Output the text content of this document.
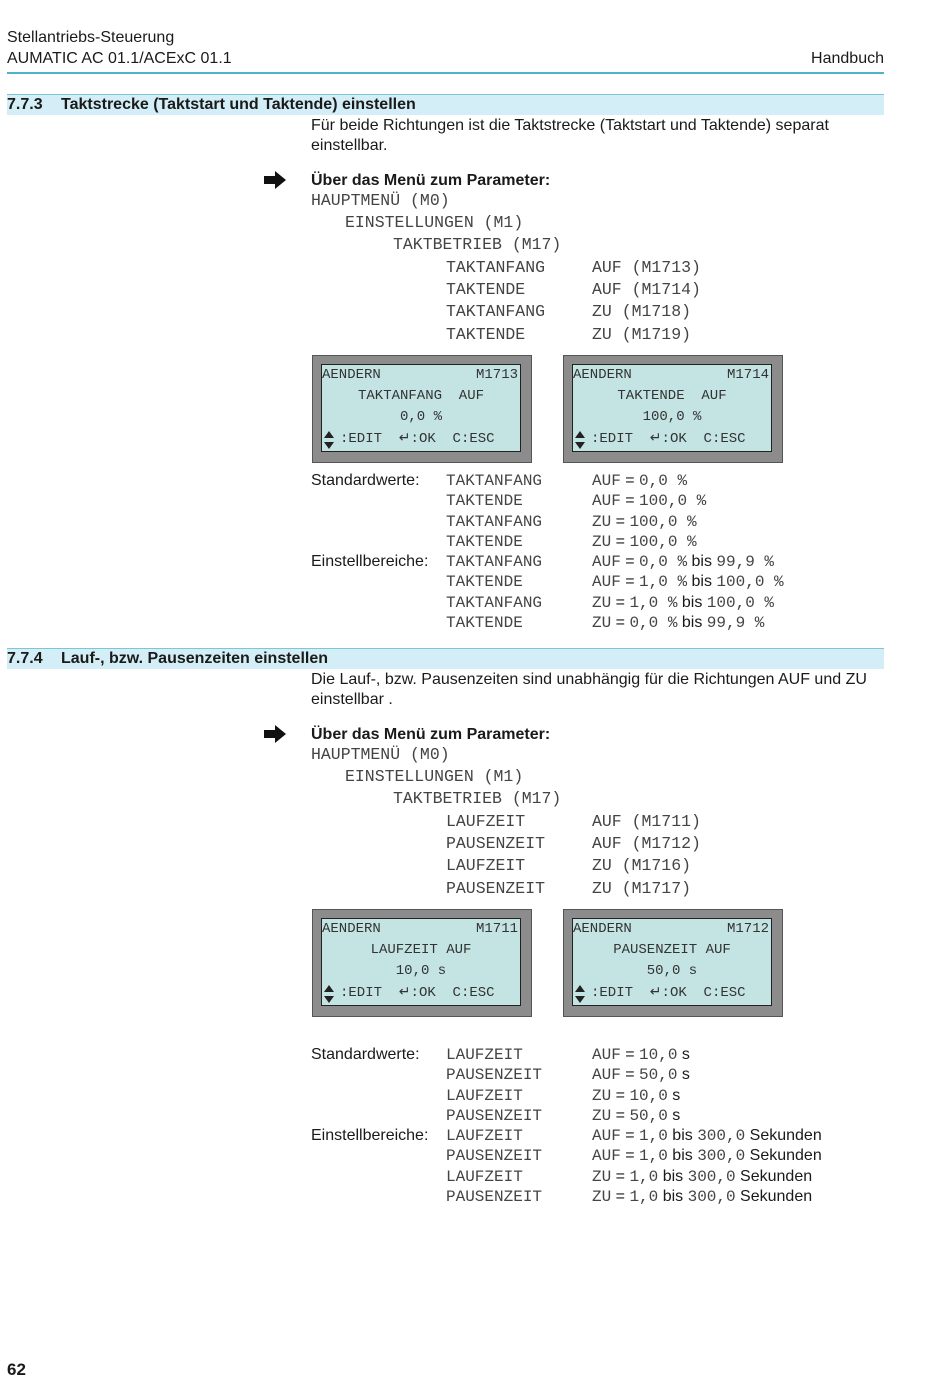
Stellantriebs-Steuerung
AUMATIC AC 01.1/ACExC 01.1	Handbuch
7.7.3 Taktstrecke (Taktstart und Taktende) einstellen
Für beide Richtungen ist die Taktstrecke (Taktstart und Taktende) separat einstellbar.
Über das Menü zum Parameter:
HAUPTMENÜ (M0)
EINSTELLUNGEN (M1)
TAKTBETRIEB (M17)
TAKTANFANG	AUF (M1713)
TAKTENDE	AUF (M1714)
TAKTANFANG	ZU (M1718)
TAKTENDE	ZU (M1719)
AENDERN	M1713
TAKTANFANG  AUF
0,0 %
:EDIT  ↵:OK  C:ESC
AENDERN	M1714
TAKTENDE  AUF
100,0 %
:EDIT  ↵:OK  C:ESC
Standardwerte: TAKTANFANG	AUF = 0,0 %
TAKTENDE	AUF = 100,0 %
TAKTANFANG	ZU = 100,0 %
TAKTENDE	ZU = 100,0 %
Einstellbereiche: TAKTANFANG	AUF = 0,0 % bis 99,9 %
TAKTENDE	AUF = 1,0 % bis 100,0 %
TAKTANFANG	ZU = 1,0 % bis 100,0 %
TAKTENDE	ZU = 0,0 % bis 99,9 %
7.7.4 Lauf-, bzw. Pausenzeiten einstellen
Die Lauf-, bzw. Pausenzeiten sind unabhängig für die Richtungen AUF und ZU einstellbar .
Über das Menü zum Parameter:
HAUPTMENÜ (M0)
EINSTELLUNGEN (M1)
TAKTBETRIEB (M17)
LAUFZEIT	AUF (M1711)
PAUSENZEIT	AUF (M1712)
LAUFZEIT	ZU (M1716)
PAUSENZEIT	ZU (M1717)
AENDERN	M1711
LAUFZEIT AUF
10,0 s
:EDIT  ↵:OK  C:ESC
AENDERN	M1712
PAUSENZEIT AUF
50,0 s
:EDIT  ↵:OK  C:ESC
Standardwerte: LAUFZEIT	AUF = 10,0 s
PAUSENZEIT	AUF = 50,0 s
LAUFZEIT	ZU = 10,0 s
PAUSENZEIT	ZU = 50,0 s
Einstellbereiche: LAUFZEIT	AUF = 1,0 bis 300,0 Sekunden
PAUSENZEIT	AUF = 1,0 bis 300,0 Sekunden
LAUFZEIT	ZU = 1,0 bis 300,0 Sekunden
PAUSENZEIT	ZU = 1,0 bis 300,0 Sekunden
62
